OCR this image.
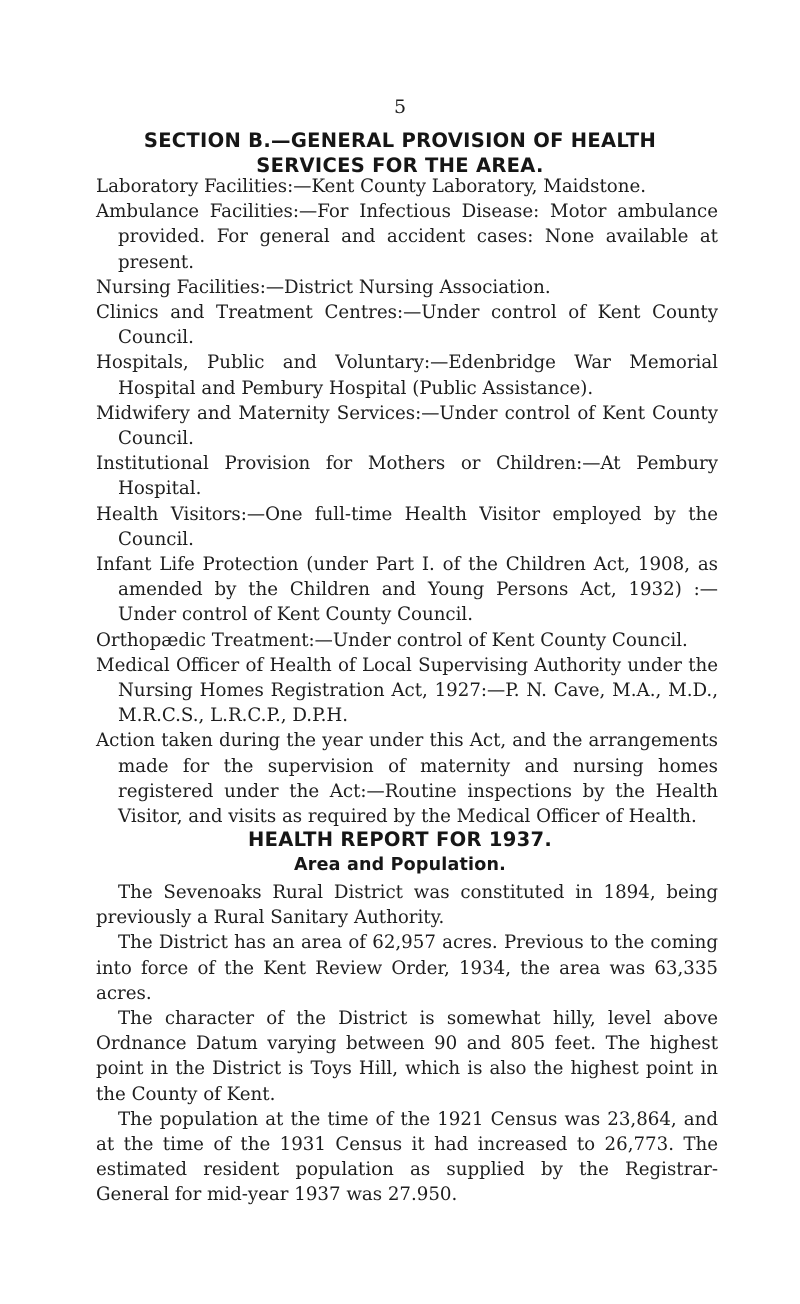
5
SECTION B.—GENERAL PROVISION OF HEALTH
SERVICES FOR THE AREA.

Laboratory Facilities:—Kent County Laboratory, Maidstone.

Ambulance Facilities:—For Infectious Disease: Motor ambulance provided. For general and accident cases: None available at present.

Nursing Facilities:—District Nursing Association.

Clinics and Treatment Centres:—Under control of Kent County Council.

Hospitals, Public and Voluntary:—Edenbridge War Memorial Hospital and Pembury Hospital (Public Assistance).

Midwifery and Maternity Services:—Under control of Kent County Council.

Institutional Provision for Mothers or Children:—At Pembury Hospital.

Health Visitors:—One full-time Health Visitor employed by the Council.

Infant Life Protection (under Part I. of the Children Act, 1908, as amended by the Children and Young Persons Act, 1932) :—Under control of Kent County Council.

Orthopædic Treatment:—Under control of Kent County Council.

Medical Officer of Health of Local Supervising Authority under the Nursing Homes Registration Act, 1927:—P. N. Cave, M.A., M.D., M.R.C.S., L.R.C.P., D.P.H.

Action taken during the year under this Act, and the arrangements made for the supervision of maternity and nursing homes registered under the Act:—Routine inspections by the Health Visitor, and visits as required by the Medical Officer of Health.

HEALTH REPORT FOR 1937.
Area and Population.

The Sevenoaks Rural District was constituted in 1894, being previously a Rural Sanitary Authority.

The District has an area of 62,957 acres. Previous to the coming into force of the Kent Review Order, 1934, the area was 63,335 acres.

The character of the District is somewhat hilly, level above Ordnance Datum varying between 90 and 805 feet. The highest point in the District is Toys Hill, which is also the highest point in the County of Kent.

The population at the time of the 1921 Census was 23,864, and at the time of the 1931 Census it had increased to 26,773. The estimated resident population as supplied by the Registrar-General for mid-year 1937 was 27.950.
